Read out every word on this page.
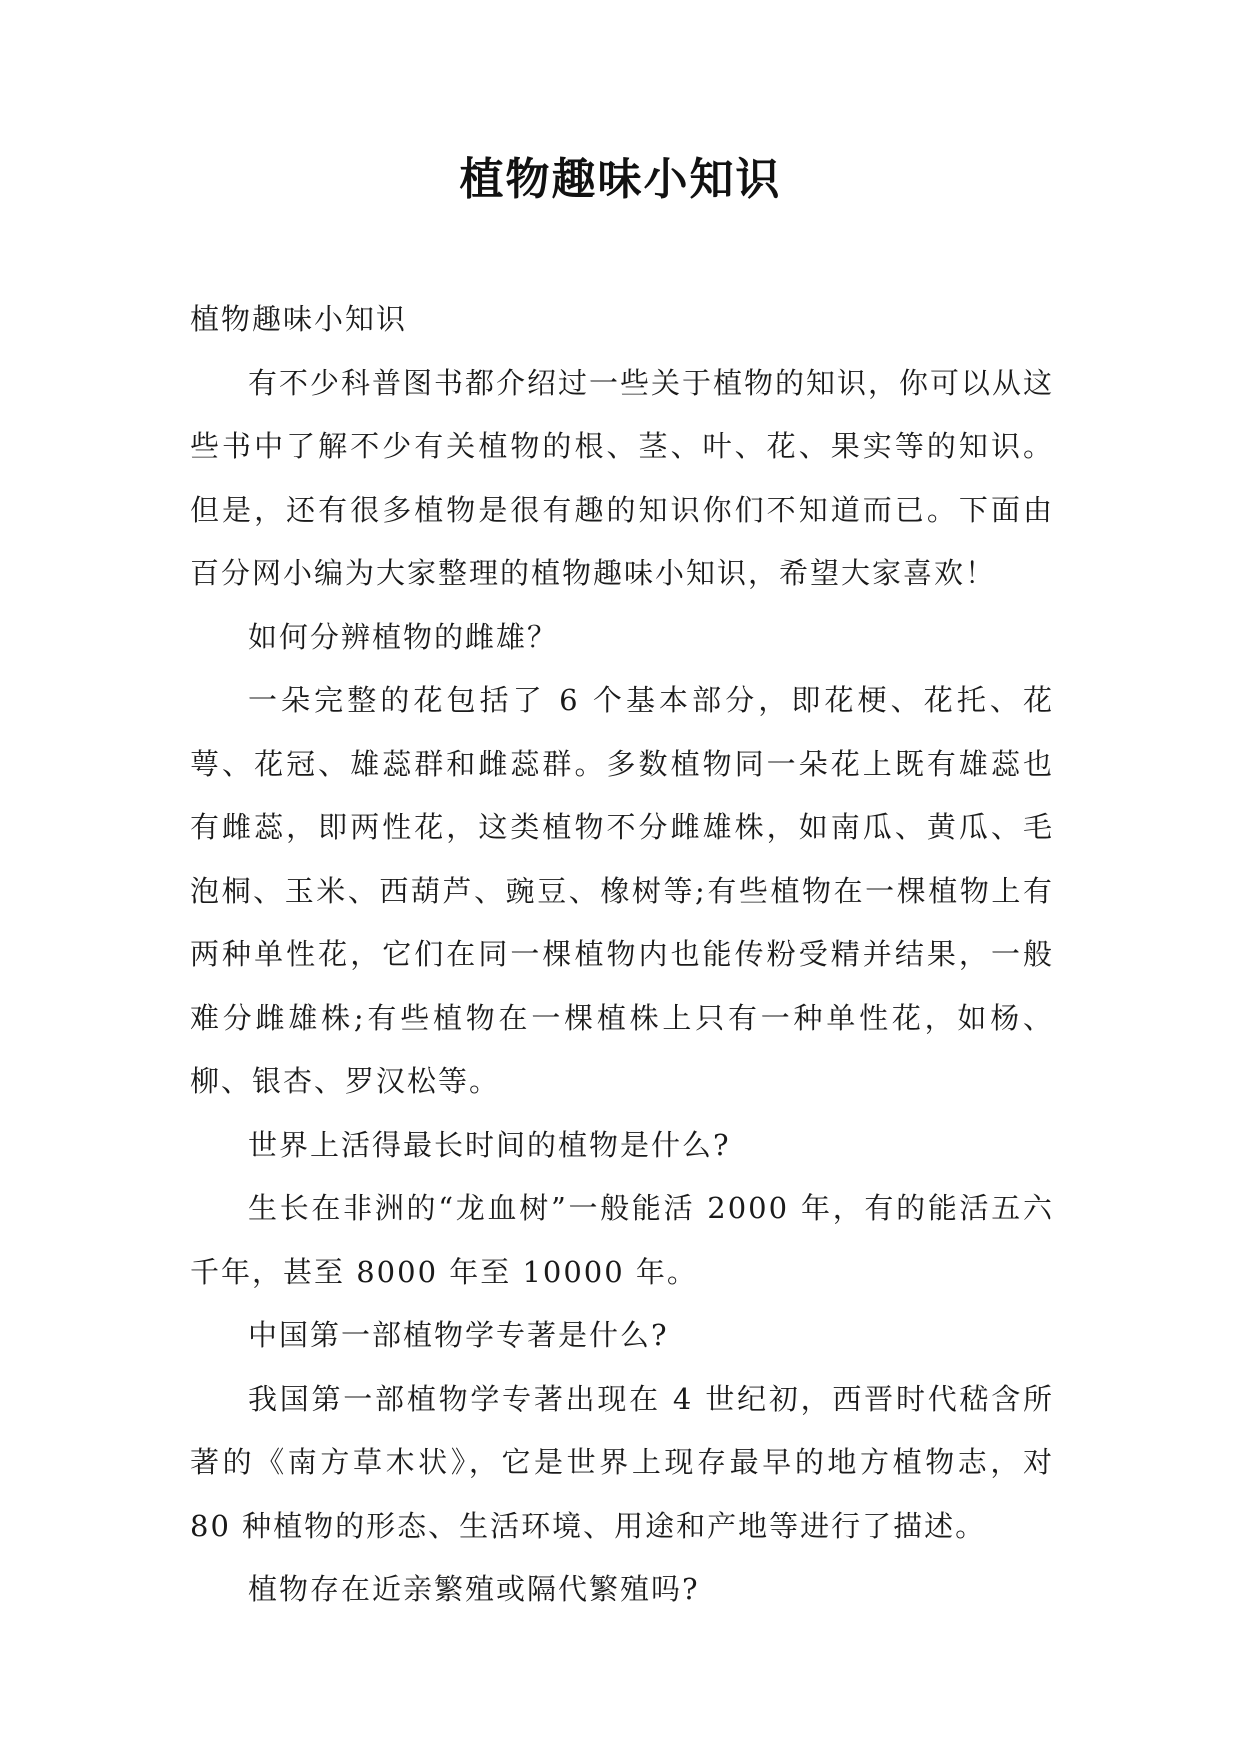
植物趣味小知识

植物趣味小知识

有不少科普图书都介绍过一些关于植物的知识，你可以从这些书中了解不少有关植物的根、茎、叶、花、果实等的知识。但是，还有很多植物是很有趣的知识你们不知道而已。下面由百分网小编为大家整理的植物趣味小知识，希望大家喜欢！

如何分辨植物的雌雄？

一朵完整的花包括了 6 个基本部分，即花梗、花托、花萼、花冠、雄蕊群和雌蕊群。多数植物同一朵花上既有雄蕊也有雌蕊，即两性花，这类植物不分雌雄株，如南瓜、黄瓜、毛泡桐、玉米、西葫芦、豌豆、橡树等;有些植物在一棵植物上有两种单性花，它们在同一棵植物内也能传粉受精并结果，一般难分雌雄株;有些植物在一棵植株上只有一种单性花，如杨、柳、银杏、罗汉松等。

世界上活得最长时间的植物是什么?

生长在非洲的“龙血树”一般能活 2000 年，有的能活五六千年，甚至 8000 年至 10000 年。

中国第一部植物学专著是什么?

我国第一部植物学专著出现在 4 世纪初，西晋时代嵇含所著的《南方草木状》，它是世界上现存最早的地方植物志，对 80 种植物的形态、生活环境、用途和产地等进行了描述。

植物存在近亲繁殖或隔代繁殖吗?
